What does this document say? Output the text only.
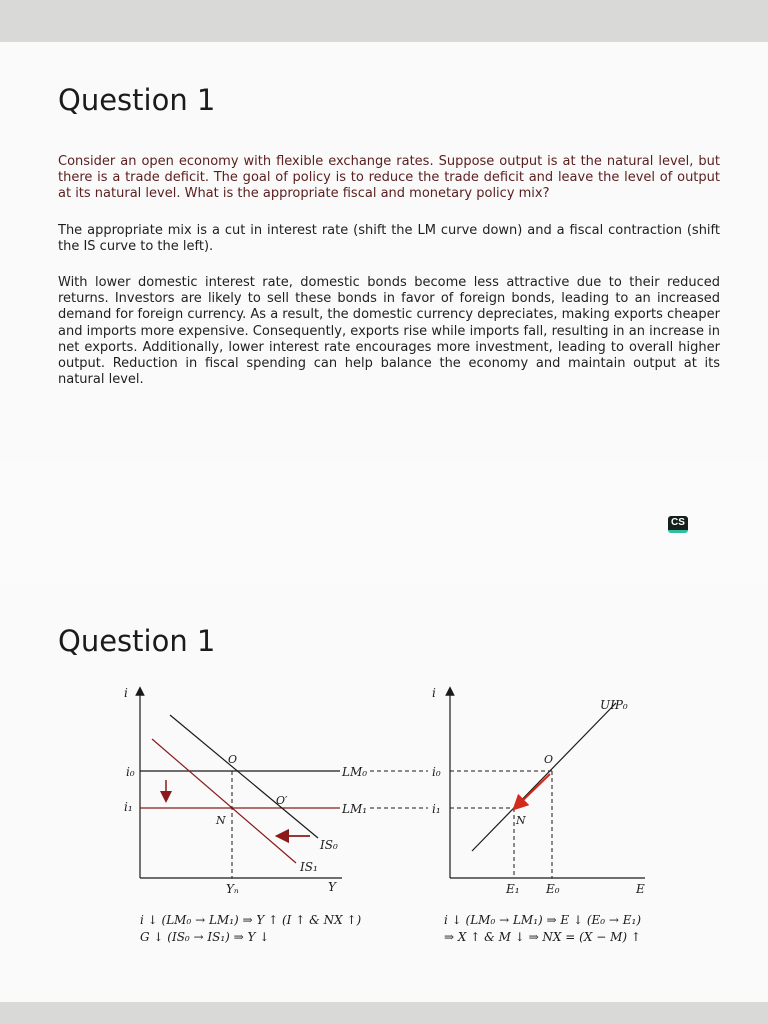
Question 1

Consider an open economy with flexible exchange rates. Suppose output is at the natural level, but there is a trade deficit. The goal of policy is to reduce the trade deficit and leave the level of output at its natural level. What is the appropriate fiscal and monetary policy mix?

The appropriate mix is a cut in interest rate (shift the LM curve down) and a fiscal contraction (shift the IS curve to the left).

With lower domestic interest rate, domestic bonds become less attractive due to their reduced returns. Investors are likely to sell these bonds in favor of foreign bonds, leading to an increased demand for foreign currency. As a result, the domestic currency depreciates, making exports cheaper and imports more expensive. Consequently, exports rise while imports fall, resulting in an increase in net exports. Additionally, lower interest rate encourages more investment, leading to overall higher output. Reduction in fiscal spending can help balance the economy and maintain output at its natural level.

CS
Question 1
i
Y
i₀
i₁
Yₙ
O
O′
N
LM₀
LM₁
IS₀
IS₁
i
E
i₀
i₁
UIP₀
O
N
E₁ E₀

i ↓ (LM₀ → LM₁) ⇒ Y ↑ (I ↑ & NX ↑)

G ↓ (IS₀ → IS₁) ⇒ Y ↓

i ↓ (LM₀ → LM₁) ⇒ E ↓ (E₀ → E₁)

⇒ X ↑ & M ↓ ⇒ NX = (X − M) ↑
